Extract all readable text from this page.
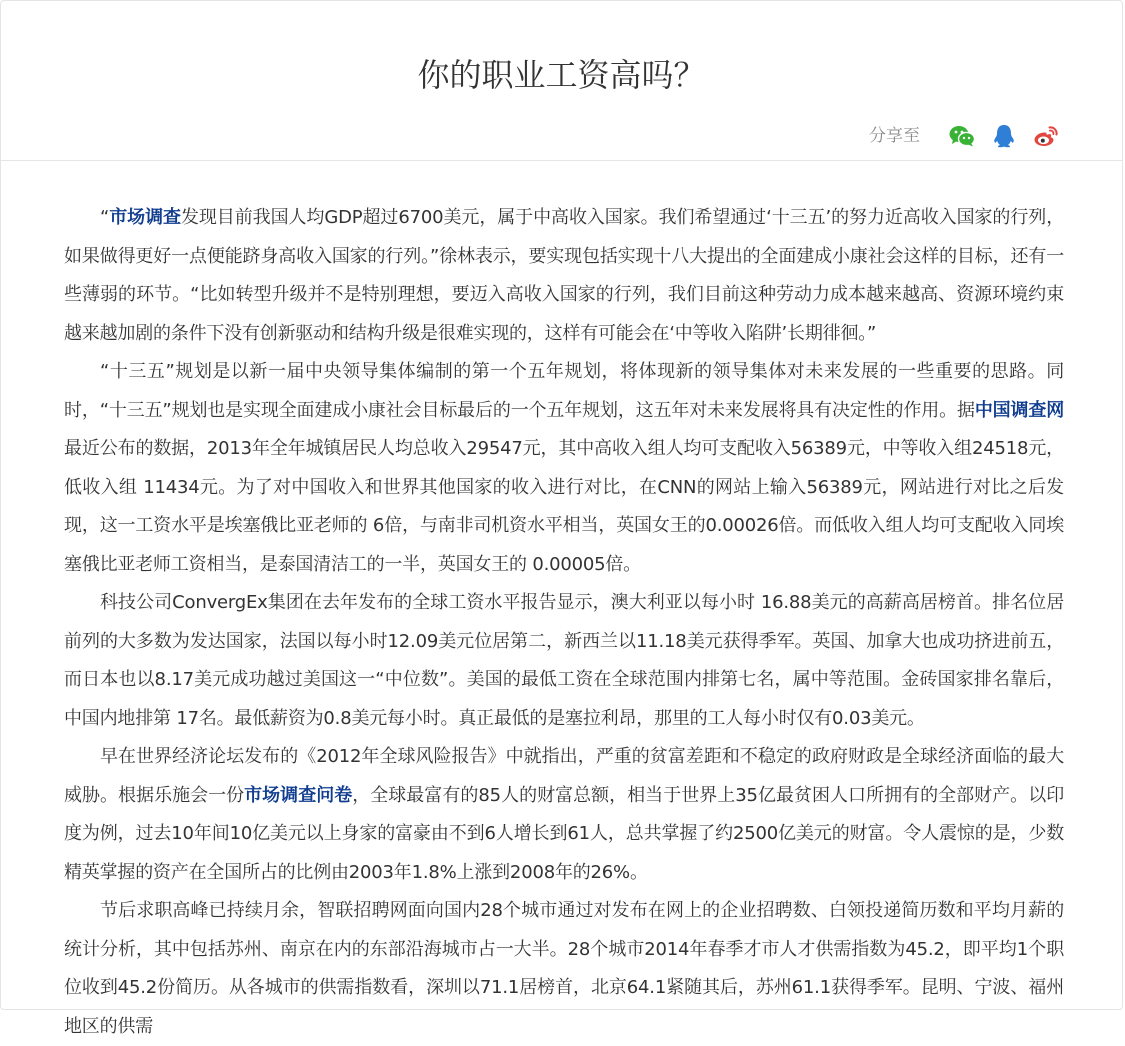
你的职业工资高吗？
分享至

“市场调查发现目前我国人均GDP超过6700美元，属于中高收入国家。我们希望通过‘十三五’的努力近高收入国家的行列，如果做得更好一点便能跻身高收入国家的行列。”徐林表示，要实现包括实现十八大提出的全面建成小康社会这样的目标，还有一些薄弱的环节。“比如转型升级并不是特别理想，要迈入高收入国家的行列，我们目前这种劳动力成本越来越高、资源环境约束越来越加剧的条件下没有创新驱动和结构升级是很难实现的，这样有可能会在‘中等收入陷阱’长期徘徊。”

“十三五”规划是以新一届中央领导集体编制的第一个五年规划，将体现新的领导集体对未来发展的一些重要的思路。同时，“十三五”规划也是实现全面建成小康社会目标最后的一个五年规划，这五年对未来发展将具有决定性的作用。据中国调查网最近公布的数据，2013年全年城镇居民人均总收入29547元，其中高收入组人均可支配收入56389元，中等收入组24518元，低收入组 11434元。为了对中国收入和世界其他国家的收入进行对比，在CNN的网站上输入56389元，网站进行对比之后发现，这一工资水平是埃塞俄比亚老师的 6倍，与南非司机资水平相当，英国女王的0.00026倍。而低收入组人均可支配收入同埃塞俄比亚老师工资相当，是泰国清洁工的一半，英国女王的 0.00005倍。

科技公司ConvergEx集团在去年发布的全球工资水平报告显示，澳大利亚以每小时 16.88美元的高薪高居榜首。排名位居前列的大多数为发达国家，法国以每小时12.09美元位居第二，新西兰以11.18美元获得季军。英国、加拿大也成功挤进前五，而日本也以8.17美元成功越过美国这一“中位数”。美国的最低工资在全球范围内排第七名，属中等范围。金砖国家排名靠后，中国内地排第 17名。最低薪资为0.8美元每小时。真正最低的是塞拉利昂，那里的工人每小时仅有0.03美元。

早在世界经济论坛发布的《2012年全球风险报告》中就指出，严重的贫富差距和不稳定的政府财政是全球经济面临的最大威胁。根据乐施会一份市场调查问卷，全球最富有的85人的财富总额，相当于世界上35亿最贫困人口所拥有的全部财产。以印度为例，过去10年间10亿美元以上身家的富豪由不到6人增长到61人，总共掌握了约2500亿美元的财富。令人震惊的是，少数精英掌握的资产在全国所占的比例由2003年1.8%上涨到2008年的26%。

节后求职高峰已持续月余，智联招聘网面向国内28个城市通过对发布在网上的企业招聘数、白领投递简历数和平均月薪的统计分析，其中包括苏州、南京在内的东部沿海城市占一大半。28个城市2014年春季才市人才供需指数为45.2，即平均1个职位收到45.2份简历。从各城市的供需指数看，深圳以71.1居榜首，北京64.1紧随其后，苏州61.1获得季军。昆明、宁波、福州地区的供需
